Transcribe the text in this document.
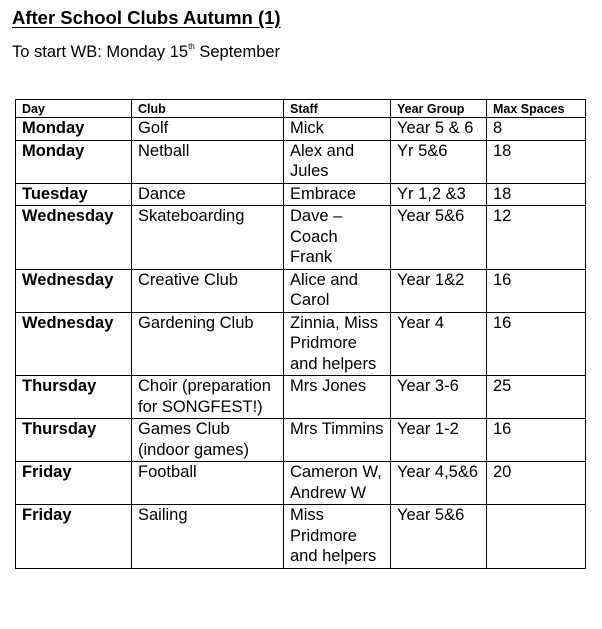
After School Clubs Autumn (1)
To start WB: Monday 15th September
Day	Club	Staff	Year Group	Max Spaces
Monday	Golf	Mick	Year 5 & 6	8
Monday	Netball	Alex and Jules	Yr 5&6	18
Tuesday	Dance	Embrace	Yr 1,2 &3	18
Wednesday	Skateboarding	Dave – Coach Frank	Year 5&6	12
Wednesday	Creative Club	Alice and Carol	Year 1&2	16
Wednesday	Gardening Club	Zinnia, Miss Pridmore and helpers	Year 4	16
Thursday	Choir (preparation for SONGFEST!)	Mrs Jones	Year 3-6	25
Thursday	Games Club (indoor games)	Mrs Timmins	Year 1-2	16
Friday	Football	Cameron W, Andrew W	Year 4,5&6	20
Friday	Sailing	Miss Pridmore and helpers	Year 5&6	
